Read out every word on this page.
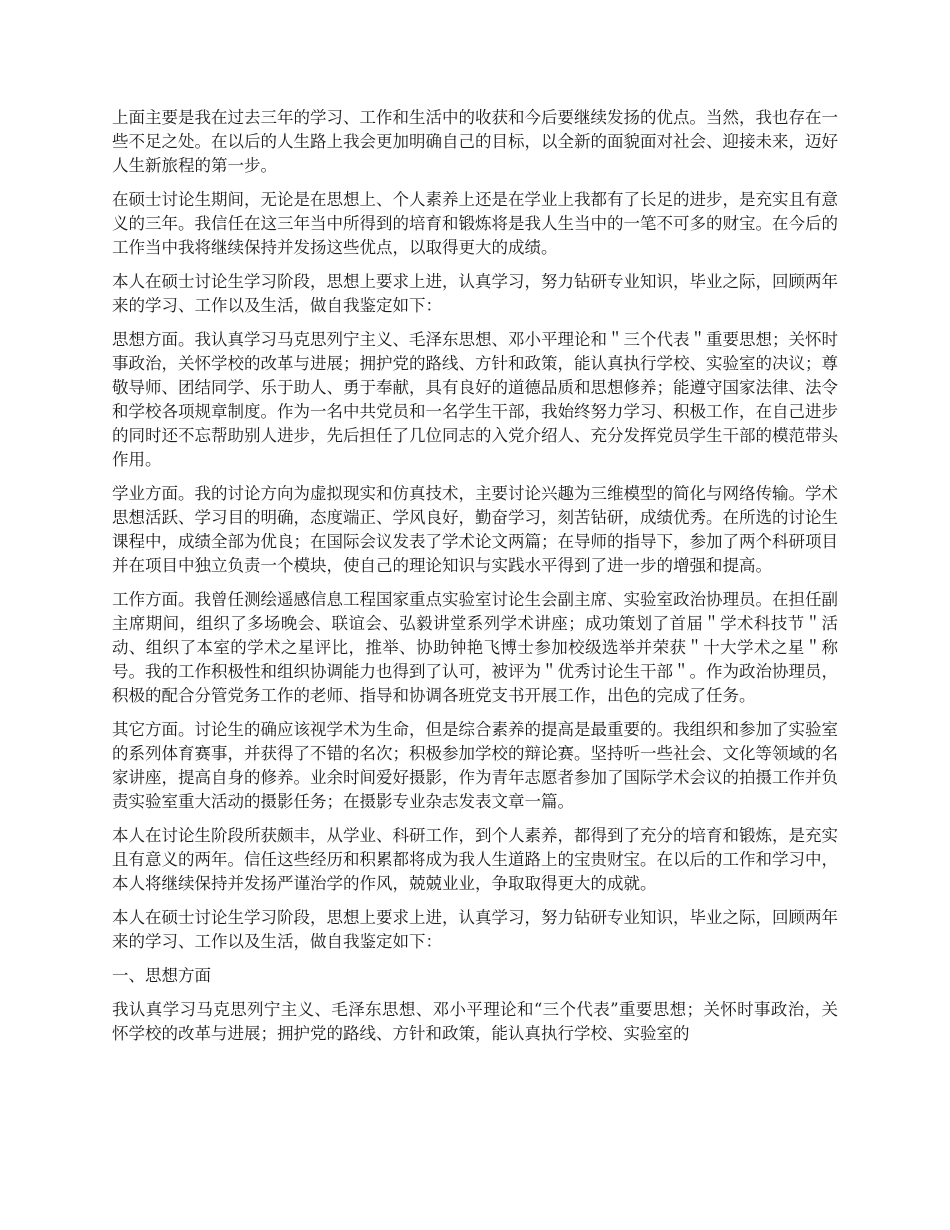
上面主要是我在过去三年的学习、工作和生活中的收获和今后要继续发扬的优点。当然，我也存在一些不足之处。在以后的人生路上我会更加明确自己的目标，以全新的面貌面对社会、迎接未来，迈好人生新旅程的第一步。

在硕士讨论生期间，无论是在思想上、个人素养上还是在学业上我都有了长足的进步，是充实且有意义的三年。我信任在这三年当中所得到的培育和锻炼将是我人生当中的一笔不可多的财宝。在今后的工作当中我将继续保持并发扬这些优点，以取得更大的成绩。

本人在硕士讨论生学习阶段，思想上要求上进，认真学习，努力钻研专业知识，毕业之际，回顾两年来的学习、工作以及生活，做自我鉴定如下：

思想方面。我认真学习马克思列宁主义、毛泽东思想、邓小平理论和＂三个代表＂重要思想；关怀时事政治，关怀学校的改革与进展；拥护党的路线、方针和政策，能认真执行学校、实验室的决议；尊敬导师、团结同学、乐于助人、勇于奉献，具有良好的道德品质和思想修养；能遵守国家法律、法令和学校各项规章制度。作为一名中共党员和一名学生干部，我始终努力学习、积极工作，在自己进步的同时还不忘帮助别人进步，先后担任了几位同志的入党介绍人、充分发挥党员学生干部的模范带头作用。

学业方面。我的讨论方向为虚拟现实和仿真技术，主要讨论兴趣为三维模型的简化与网络传输。学术思想活跃、学习目的明确，态度端正、学风良好，勤奋学习，刻苦钻研，成绩优秀。在所选的讨论生课程中，成绩全部为优良；在国际会议发表了学术论文两篇；在导师的指导下，参加了两个科研项目并在项目中独立负责一个模块，使自己的理论知识与实践水平得到了进一步的增强和提高。

工作方面。我曾任测绘遥感信息工程国家重点实验室讨论生会副主席、实验室政治协理员。在担任副主席期间，组织了多场晚会、联谊会、弘毅讲堂系列学术讲座；成功策划了首届＂学术科技节＂活动、组织了本室的学术之星评比，推举、协助钟艳飞博士参加校级选举并荣获＂十大学术之星＂称号。我的工作积极性和组织协调能力也得到了认可，被评为＂优秀讨论生干部＂。作为政治协理员，积极的配合分管党务工作的老师、指导和协调各班党支书开展工作，出色的完成了任务。

其它方面。讨论生的确应该视学术为生命，但是综合素养的提高是最重要的。我组织和参加了实验室的系列体育赛事，并获得了不错的名次；积极参加学校的辩论赛。坚持听一些社会、文化等领域的名家讲座，提高自身的修养。业余时间爱好摄影，作为青年志愿者参加了国际学术会议的拍摄工作并负责实验室重大活动的摄影任务；在摄影专业杂志发表文章一篇。

本人在讨论生阶段所获颇丰，从学业、科研工作，到个人素养，都得到了充分的培育和锻炼，是充实且有意义的两年。信任这些经历和积累都将成为我人生道路上的宝贵财宝。在以后的工作和学习中，本人将继续保持并发扬严谨治学的作风，兢兢业业，争取取得更大的成就。

本人在硕士讨论生学习阶段，思想上要求上进，认真学习，努力钻研专业知识，毕业之际，回顾两年来的学习、工作以及生活，做自我鉴定如下：

一、思想方面

我认真学习马克思列宁主义、毛泽东思想、邓小平理论和“三个代表”重要思想；关怀时事政治，关怀学校的改革与进展；拥护党的路线、方针和政策，能认真执行学校、实验室的
